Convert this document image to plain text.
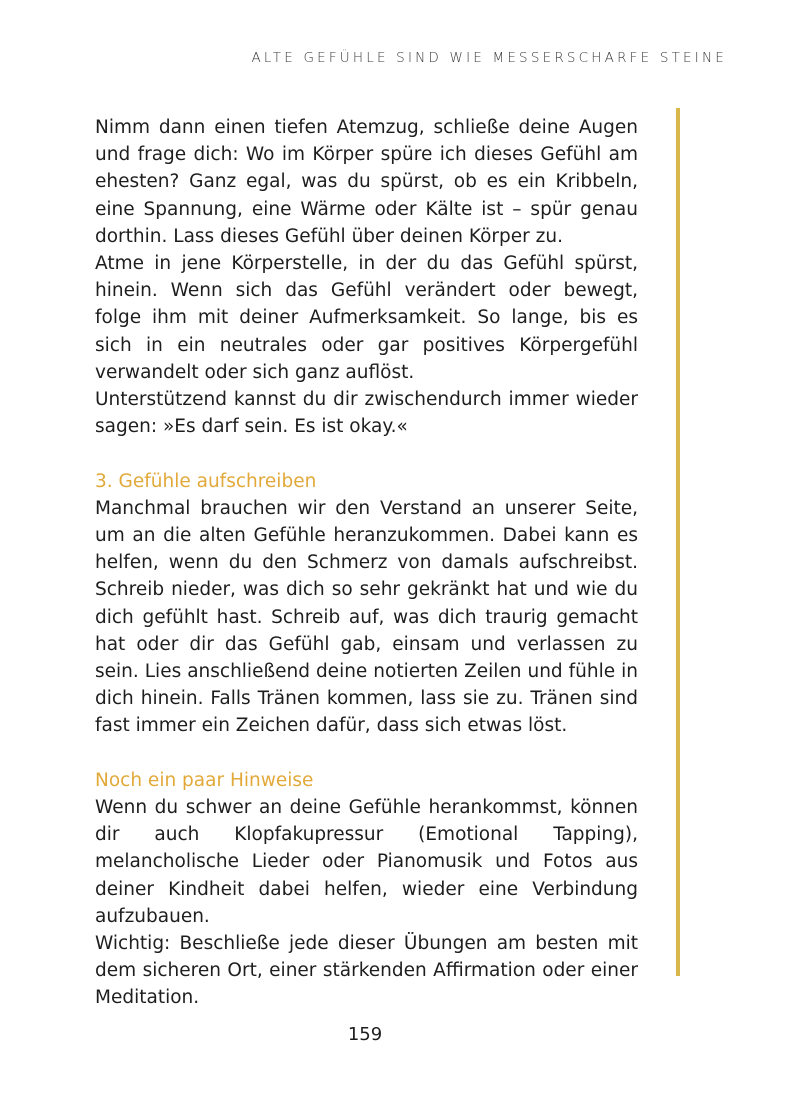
ALTE GEFÜHLE SIND WIE MESSERSCHARFE STEINE

Nimm dann einen tiefen Atemzug, schließe deine Augen und frage dich: Wo im Körper spüre ich dieses Gefühl am ehesten? Ganz egal, was du spürst, ob es ein Kribbeln, eine Spannung, eine Wärme oder Kälte ist – spür genau dorthin. Lass dieses Gefühl über deinen Körper zu.

Atme in jene Körperstelle, in der du das Gefühl spürst, hinein. Wenn sich das Gefühl verändert oder bewegt, folge ihm mit deiner Aufmerksamkeit. So lange, bis es sich in ein neutrales oder gar positives Körpergefühl verwandelt oder sich ganz auflöst.

Unterstützend kannst du dir zwischendurch immer wieder sagen: »Es darf sein. Es ist okay.«

3. Gefühle aufschreiben

Manchmal brauchen wir den Verstand an unserer Seite, um an die alten Gefühle heranzukommen. Dabei kann es helfen, wenn du den Schmerz von damals aufschreibst. Schreib nieder, was dich so sehr gekränkt hat und wie du dich gefühlt hast. Schreib auf, was dich traurig gemacht hat oder dir das Gefühl gab, einsam und verlassen zu sein. Lies anschließend deine notierten Zeilen und fühle in dich hinein. Falls Tränen kommen, lass sie zu. Tränen sind fast immer ein Zeichen dafür, dass sich etwas löst.

Noch ein paar Hinweise

Wenn du schwer an deine Gefühle herankommst, können dir auch Klopfakupressur (Emotional Tapping), melancholische Lieder oder Pianomusik und Fotos aus deiner Kindheit dabei helfen, wieder eine Verbindung aufzubauen.

Wichtig: Beschließe jede dieser Übungen am besten mit dem sicheren Ort, einer stärkenden Affirmation oder einer Meditation.

159
